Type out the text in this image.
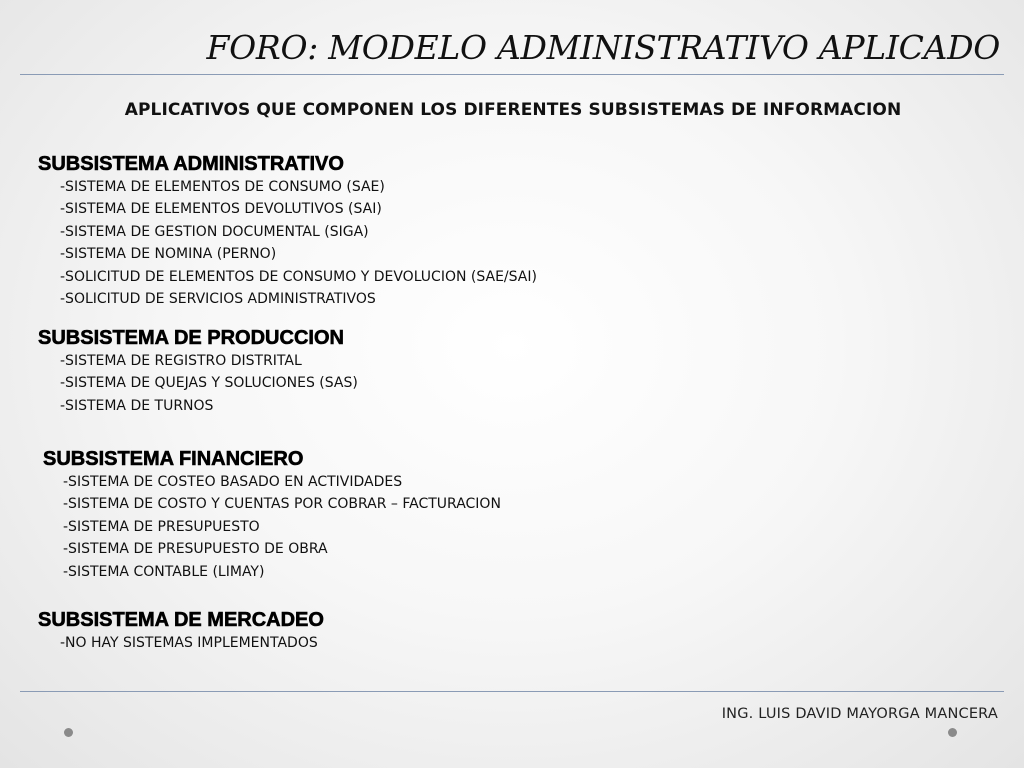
FORO: MODELO ADMINISTRATIVO APLICADO

APLICATIVOS QUE COMPONEN LOS DIFERENTES SUBSISTEMAS DE INFORMACION

SUBSISTEMA ADMINISTRATIVO
-SISTEMA DE ELEMENTOS DE CONSUMO (SAE)
-SISTEMA DE ELEMENTOS DEVOLUTIVOS (SAI)
-SISTEMA DE GESTION DOCUMENTAL (SIGA)
-SISTEMA DE NOMINA (PERNO)
-SOLICITUD DE ELEMENTOS DE CONSUMO Y DEVOLUCION (SAE/SAI)
-SOLICITUD DE SERVICIOS ADMINISTRATIVOS
SUBSISTEMA DE PRODUCCION
-SISTEMA DE REGISTRO DISTRITAL
-SISTEMA DE QUEJAS Y SOLUCIONES (SAS)
-SISTEMA DE TURNOS
SUBSISTEMA FINANCIERO
-SISTEMA DE COSTEO BASADO EN ACTIVIDADES
-SISTEMA DE COSTO Y CUENTAS POR COBRAR – FACTURACION
-SISTEMA DE PRESUPUESTO
-SISTEMA DE PRESUPUESTO DE OBRA
-SISTEMA CONTABLE (LIMAY)
SUBSISTEMA DE MERCADEO
-NO HAY SISTEMAS IMPLEMENTADOS
ING. LUIS DAVID MAYORGA MANCERA
